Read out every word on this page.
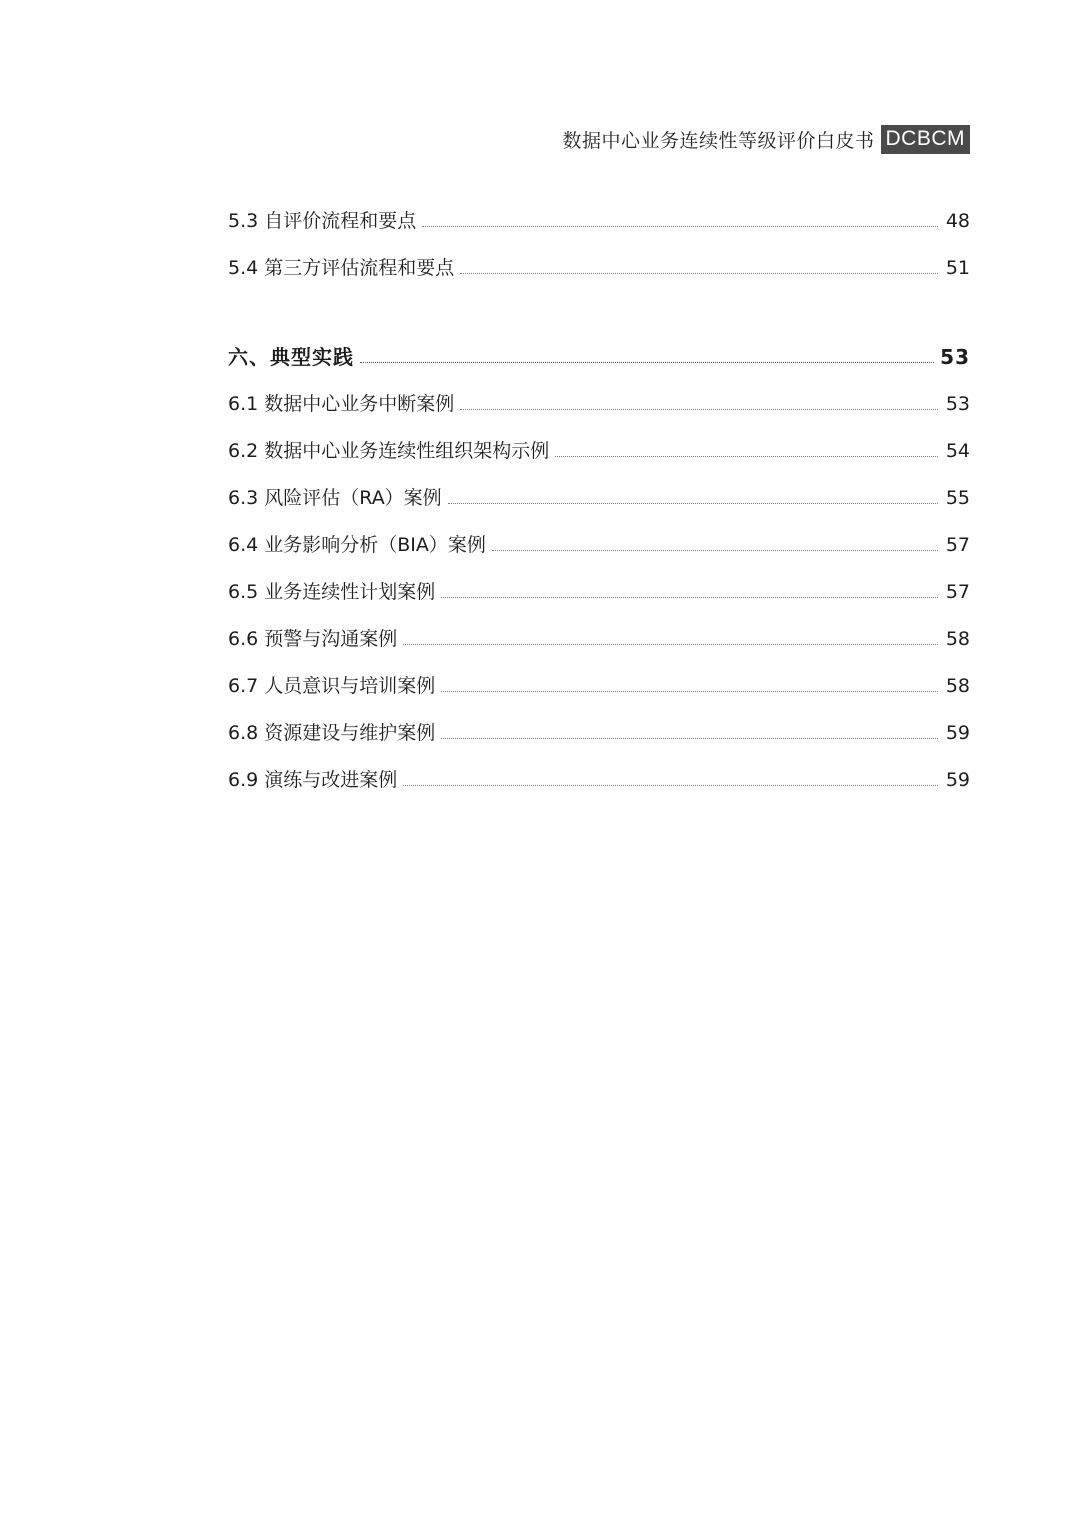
数据中心业务连续性等级评价白皮书 DCBCM
5.3 自评价流程和要点	48
5.4 第三方评估流程和要点	51
六、典型实践	53
6.1 数据中心业务中断案例	53
6.2 数据中心业务连续性组织架构示例	54
6.3 风险评估（RA）案例	55
6.4 业务影响分析（BIA）案例	57
6.5 业务连续性计划案例	57
6.6 预警与沟通案例	58
6.7 人员意识与培训案例	58
6.8 资源建设与维护案例	59
6.9 演练与改进案例	59
